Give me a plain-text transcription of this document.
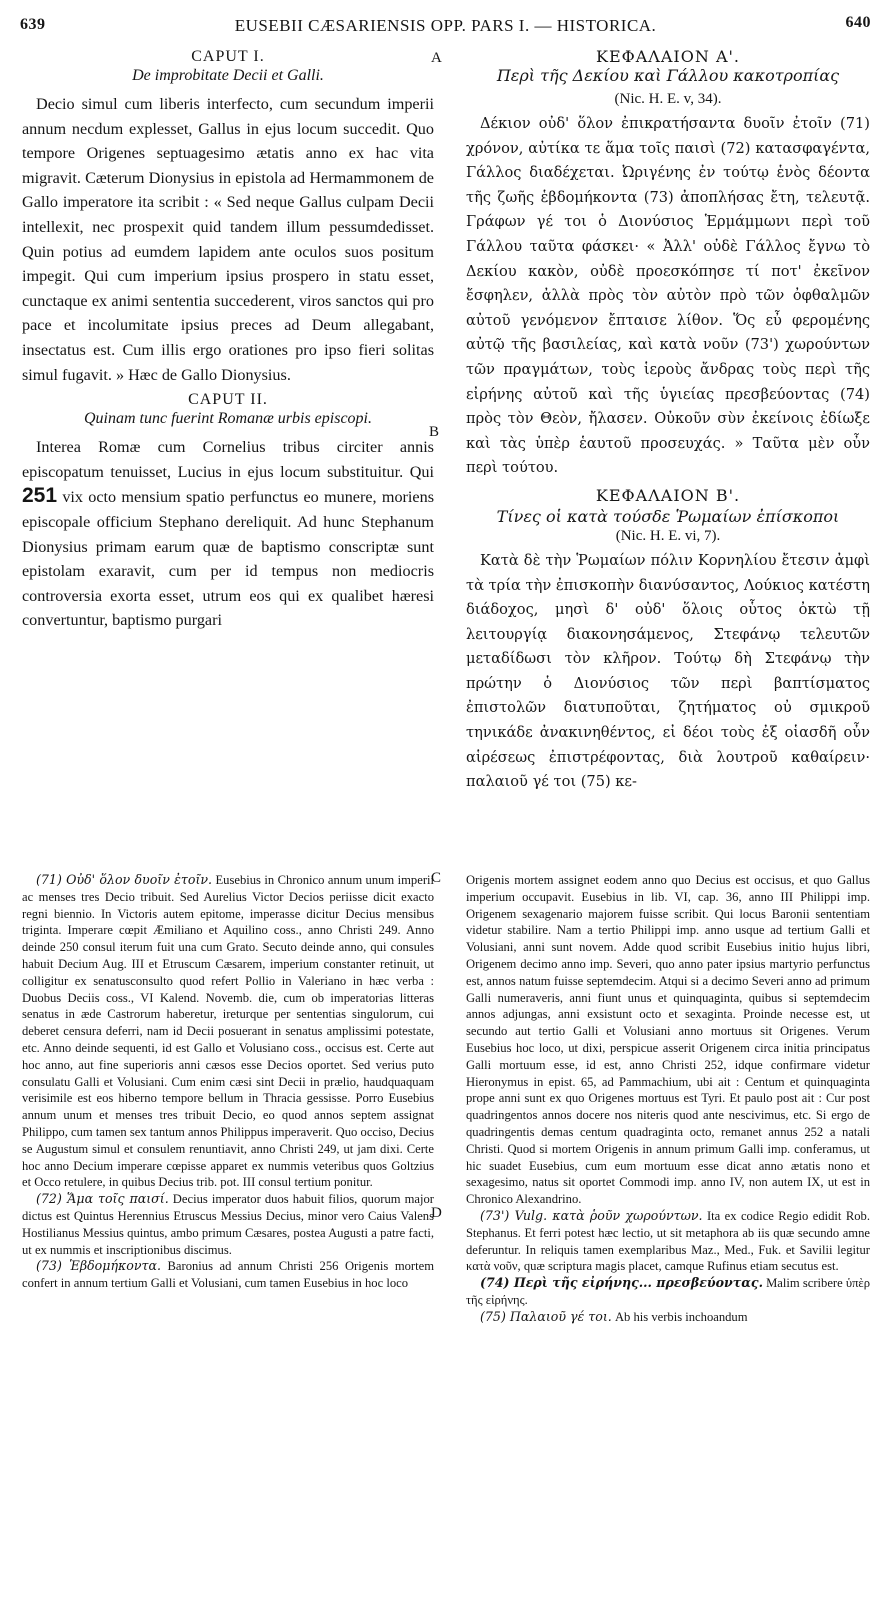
639	EUSEBII CÆSARIENSIS OPP. PARS I. — HISTORICA.	640
A
B
C
D

CAPUT I.

De improbitate Decii et Galli.

Decio simul cum liberis interfecto, cum secundum imperii annum necdum explesset, Gallus in ejus locum succedit. Quo tempore Origenes septuagesimo ætatis anno ex hac vita migravit. Cæterum Dionysius in epistola ad Hermammonem de Gallo imperatore ita scribit : « Sed neque Gallus culpam Decii intellexit, nec prospexit quid tandem illum pessumdedisset. Quin potius ad eumdem lapidem ante oculos suos positum impegit. Qui cum imperium ipsius prospero in statu esset, cunctaque ex animi sententia succederent, viros sanctos qui pro pace et incolumitate ipsius preces ad Deum allegabant, insectatus est. Cum illis ergo orationes pro ipso fieri solitas simul fugavit. » Hæc de Gallo Dionysius.

CAPUT II.

Quinam tunc fuerint Romanæ urbis episcopi.

Interea Romæ cum Cornelius tribus circiter annis episcopatum tenuisset, Lucius in ejus locum substituitur. Qui 251 vix octo mensium spatio perfunctus eo munere, moriens episcopale officium Stephano dereliquit. Ad hunc Stephanum Dionysius primam earum quæ de baptismo conscriptæ sunt epistolam exaravit, cum per id tempus non mediocris controversia exorta esset, utrum eos qui ex qualibet hæresi convertuntur, baptismo purgari

ΚΕΦΑΛΑΙΟΝ Α'.

Περὶ τῆς Δεκίου καὶ Γάλλου κακοτροπίας

(Nic. H. E. v, 34).

Δέκιον οὐδ' ὅλον ἐπικρατήσαντα δυοῖν ἐτοῖν (71) χρόνον, αὐτίκα τε ἅμα τοῖς παισὶ (72) κατασφαγέντα, Γάλλος διαδέχεται. Ὠριγένης ἐν τούτῳ ἑνὸς δέοντα τῆς ζωῆς ἑβδομήκοντα (73) ἀποπλήσας ἔτη, τελευτᾷ. Γράφων γέ τοι ὁ Διονύσιος Ἑρμάμμωνι περὶ τοῦ Γάλλου ταῦτα φάσκει· « Ἀλλ' οὐδὲ Γάλλος ἔγνω τὸ Δεκίου κακὸν, οὐδὲ προεσκόπησε τί ποτ' ἐκεῖνον ἔσφηλεν, ἀλλὰ πρὸς τὸν αὐτὸν πρὸ τῶν ὀφθαλμῶν αὐτοῦ γενόμενον ἔπταισε λίθον. Ὅς εὖ φερομένης αὐτῷ τῆς βασιλείας, καὶ κατὰ νοῦν (73') χωρούντων τῶν πραγμάτων, τοὺς ἱεροὺς ἄνδρας τοὺς περὶ τῆς εἰρήνης αὐτοῦ καὶ τῆς ὑγιείας πρεσβεύοντας (74) πρὸς τὸν Θεὸν, ἤλασεν. Οὐκοῦν σὺν ἐκείνοις ἐδίωξε καὶ τὰς ὑπὲρ ἑαυτοῦ προσευχάς. » Ταῦτα μὲν οὖν περὶ τούτου.

ΚΕΦΑΛΑΙΟΝ Β'.

Τίνες οἱ κατὰ τούσδε Ῥωμαίων ἐπίσκοποι

(Nic. H. E. vi, 7).

Κατὰ δὲ τὴν Ῥωμαίων πόλιν Κορνηλίου ἔτεσιν ἀμφὶ τὰ τρία τὴν ἐπισκοπὴν διανύσαντος, Λούκιος κατέστη διάδοχος, μησὶ δ' οὐδ' ὅλοις οὗτος ὀκτὼ τῇ λειτουργίᾳ διακονησάμενος, Στεφάνῳ τελευτῶν μεταδίδωσι τὸν κλῆρον. Τούτῳ δὴ Στεφάνῳ τὴν πρώτην ὁ Διονύσιος τῶν περὶ βαπτίσματος ἐπιστολῶν διατυποῦται, ζητήματος οὐ σμικροῦ τηνικάδε ἀνακινηθέντος, εἰ δέοι τοὺς ἐξ οἱασδῆ οὖν αἱρέσεως ἐπιστρέφοντας, διὰ λουτροῦ καθαίρειν· παλαιοῦ γέ τοι (75) κε-

(71) Οὐδ' ὅλον δυοῖν ἐτοῖν. Eusebius in Chronico annum unum imperii ac menses tres Decio tribuit. Sed Aurelius Victor Decios periisse dicit exacto regni biennio. In Victoris autem epitome, imperasse dicitur Decius mensibus triginta. Imperare cœpit Æmiliano et Aquilino coss., anno Christi 249. Anno deinde 250 consul iterum fuit una cum Grato. Secuto deinde anno, qui consules habuit Decium Aug. III et Etruscum Cæsarem, imperium constanter retinuit, ut colligitur ex senatusconsulto quod refert Pollio in Valeriano in hæc verba : Duobus Deciis coss., VI Kalend. Novemb. die, cum ob imperatorias litteras senatus in æde Castrorum haberetur, ireturque per sententias singulorum, cui deberet censura deferri, nam id Decii posuerant in senatus amplissimi potestate, etc. Anno deinde sequenti, id est Gallo et Volusiano coss., occisus est. Certe aut hoc anno, aut fine superioris anni cæsos esse Decios oportet. Sed verius puto consulatu Galli et Volusiani. Cum enim cæsi sint Decii in prælio, haudquaquam verisimile est eos hiberno tempore bellum in Thracia gessisse. Porro Eusebius annum unum et menses tres tribuit Decio, eo quod annos septem assignat Philippo, cum tamen sex tantum annos Philippus imperaverit. Quo occiso, Decius se Augustum simul et consulem renuntiavit, anno Christi 249, ut jam dixi. Certe hoc anno Decium imperare cœpisse apparet ex nummis veteribus quos Goltzius et Occo retulere, in quibus Decius trib. pot. III consul tertium ponitur.

(72) Ἅμα τοῖς παισί. Decius imperator duos habuit filios, quorum major dictus est Quintus Herennius Etruscus Messius Decius, minor vero Caius Valens Hostilianus Messius quintus, ambo primum Cæsares, postea Augusti a patre facti, ut ex nummis et inscriptionibus discimus.

(73) Ἑβδομήκοντα. Baronius ad annum Christi 256 Origenis mortem confert in annum tertium Galli et Volusiani, cum tamen Eusebius in hoc loco

Origenis mortem assignet eodem anno quo Decius est occisus, et quo Gallus imperium occupavit. Eusebius in lib. VI, cap. 36, anno III Philippi imp. Origenem sexagenario majorem fuisse scribit. Qui locus Baronii sententiam videtur stabilire. Nam a tertio Philippi imp. anno usque ad tertium Galli et Volusiani, anni sunt novem. Adde quod scribit Eusebius initio hujus libri, Origenem decimo anno imp. Severi, quo anno pater ipsius martyrio perfunctus est, annos natum fuisse septemdecim. Atqui si a decimo Severi anno ad primum Galli numeraveris, anni fiunt unus et quinquaginta, quibus si septemdecim annos adjungas, anni exsistunt octo et sexaginta. Proinde necesse est, ut secundo aut tertio Galli et Volusiani anno mortuus sit Origenes. Verum Eusebius hoc loco, ut dixi, perspicue asserit Origenem circa initia principatus Galli mortuum esse, id est, anno Christi 252, idque confirmare videtur Hieronymus in epist. 65, ad Pammachium, ubi ait : Centum et quinquaginta prope anni sunt ex quo Origenes mortuus est Tyri. Et paulo post ait : Cur post quadringentos annos docere nos niteris quod ante nescivimus, etc. Si ergo de quadringentis demas centum quadraginta octo, remanet annus 252 a natali Christi. Quod si mortem Origenis in annum primum Galli imp. conferamus, ut hic suadet Eusebius, cum eum mortuum esse dicat anno ætatis nono et sexagesimo, natus sit oportet Commodi imp. anno IV, non autem IX, ut est in Chronico Alexandrino.

(73') Vulg. κατὰ ῥοῦν χωρούντων. Ita ex codice Regio edidit Rob. Stephanus. Et ferri potest hæc lectio, ut sit metaphora ab iis quæ secundo amne deferuntur. In reliquis tamen exemplaribus Maz., Med., Fuk. et Savilii legitur κατὰ νοῦν, quæ scriptura magis placet, camque Rufinus etiam secutus est.

(74) Περὶ τῆς εἰρήνης... πρεσβεύοντας. Malim scribere ὑπὲρ τῆς εἰρήνης.

(75) Παλαιοῦ γέ τοι. Ab his verbis inchoandum
